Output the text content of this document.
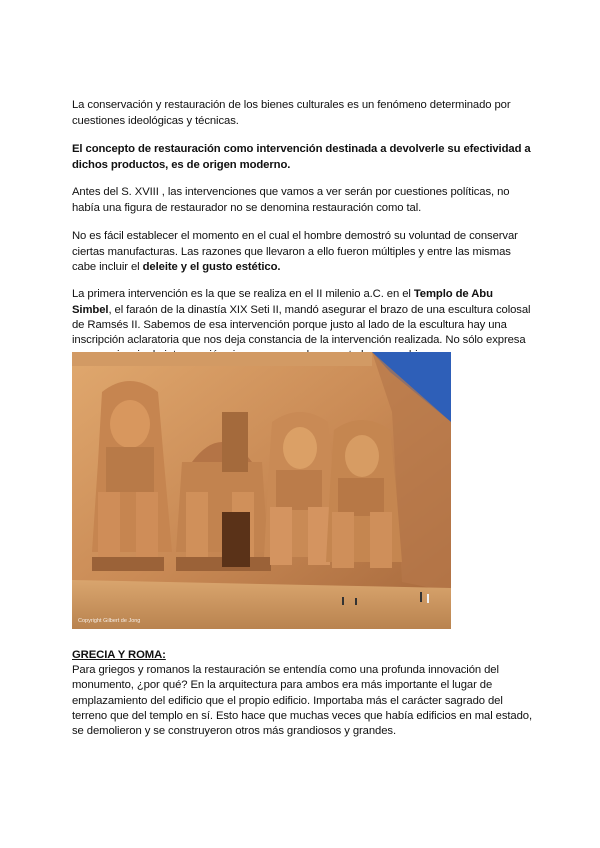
La conservación y restauración de los bienes culturales es un fenómeno determinado por cuestiones ideológicas y técnicas.

El concepto de restauración como intervención destinada a devolverle su efectividad a dichos productos, es de origen moderno.

Antes del S. XVIII , las intervenciones que vamos a ver serán por cuestiones políticas, no había una figura de restaurador no se denomina restauración como tal.

No es fácil establecer el momento en el cual el hombre demostró su voluntad de conservar ciertas manufacturas. Las razones que llevaron a ello fueron múltiples y entre las mismas cabe incluir el deleite y el gusto estético.

La primera intervención es la que se realiza en el II milenio a.C. en el Templo de Abu Simbel, el faraón de la dinastía XIX Seti II, mandó asegurar el brazo de una escultura colosal de Ramsés II. Sabemos de esa intervención porque justo al lado de la escultura hay una inscripción aclaratoria que nos deja constancia de la intervención realizada. No sólo expresa

Copyright Gilbert de Jong
GRECIA Y ROMA:
Para griegos y romanos la restauración se entendía como una profunda innovación del monumento, ¿por qué? En la arquitectura para ambos era más importante el lugar de emplazamiento del edificio que el propio edificio. Importaba más el carácter sagrado del terreno que del templo en sí. Esto hace que muchas veces que había edificios en mal estado, se demolieron y se construyeron otros más grandiosos y grandes.
